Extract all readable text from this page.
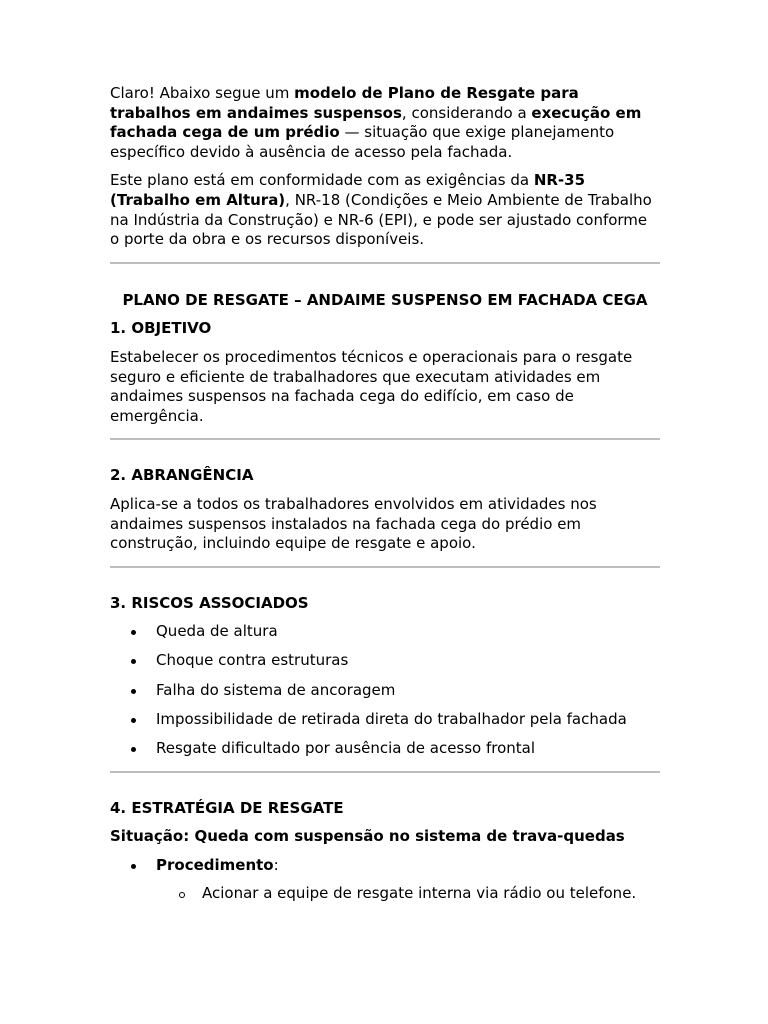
Claro! Abaixo segue um modelo de Plano de Resgate para trabalhos em andaimes suspensos, considerando a execução em fachada cega de um prédio — situação que exige planejamento específico devido à ausência de acesso pela fachada.

Este plano está em conformidade com as exigências da NR-35 (Trabalho em Altura), NR-18 (Condições e Meio Ambiente de Trabalho na Indústria da Construção) e NR-6 (EPI), e pode ser ajustado conforme o porte da obra e os recursos disponíveis.

PLANO DE RESGATE – ANDAIME SUSPENSO EM FACHADA CEGA

1. OBJETIVO

Estabelecer os procedimentos técnicos e operacionais para o resgate seguro e eficiente de trabalhadores que executam atividades em andaimes suspensos na fachada cega do edifício, em caso de emergência.

2. ABRANGÊNCIA

Aplica-se a todos os trabalhadores envolvidos em atividades nos andaimes suspensos instalados na fachada cega do prédio em construção, incluindo equipe de resgate e apoio.

3. RISCOS ASSOCIADOS

Queda de altura
Choque contra estruturas
Falha do sistema de ancoragem
Impossibilidade de retirada direta do trabalhador pela fachada
Resgate dificultado por ausência de acesso frontal

4. ESTRATÉGIA DE RESGATE

Situação: Queda com suspensão no sistema de trava-quedas

Procedimento:
Acionar a equipe de resgate interna via rádio ou telefone.
